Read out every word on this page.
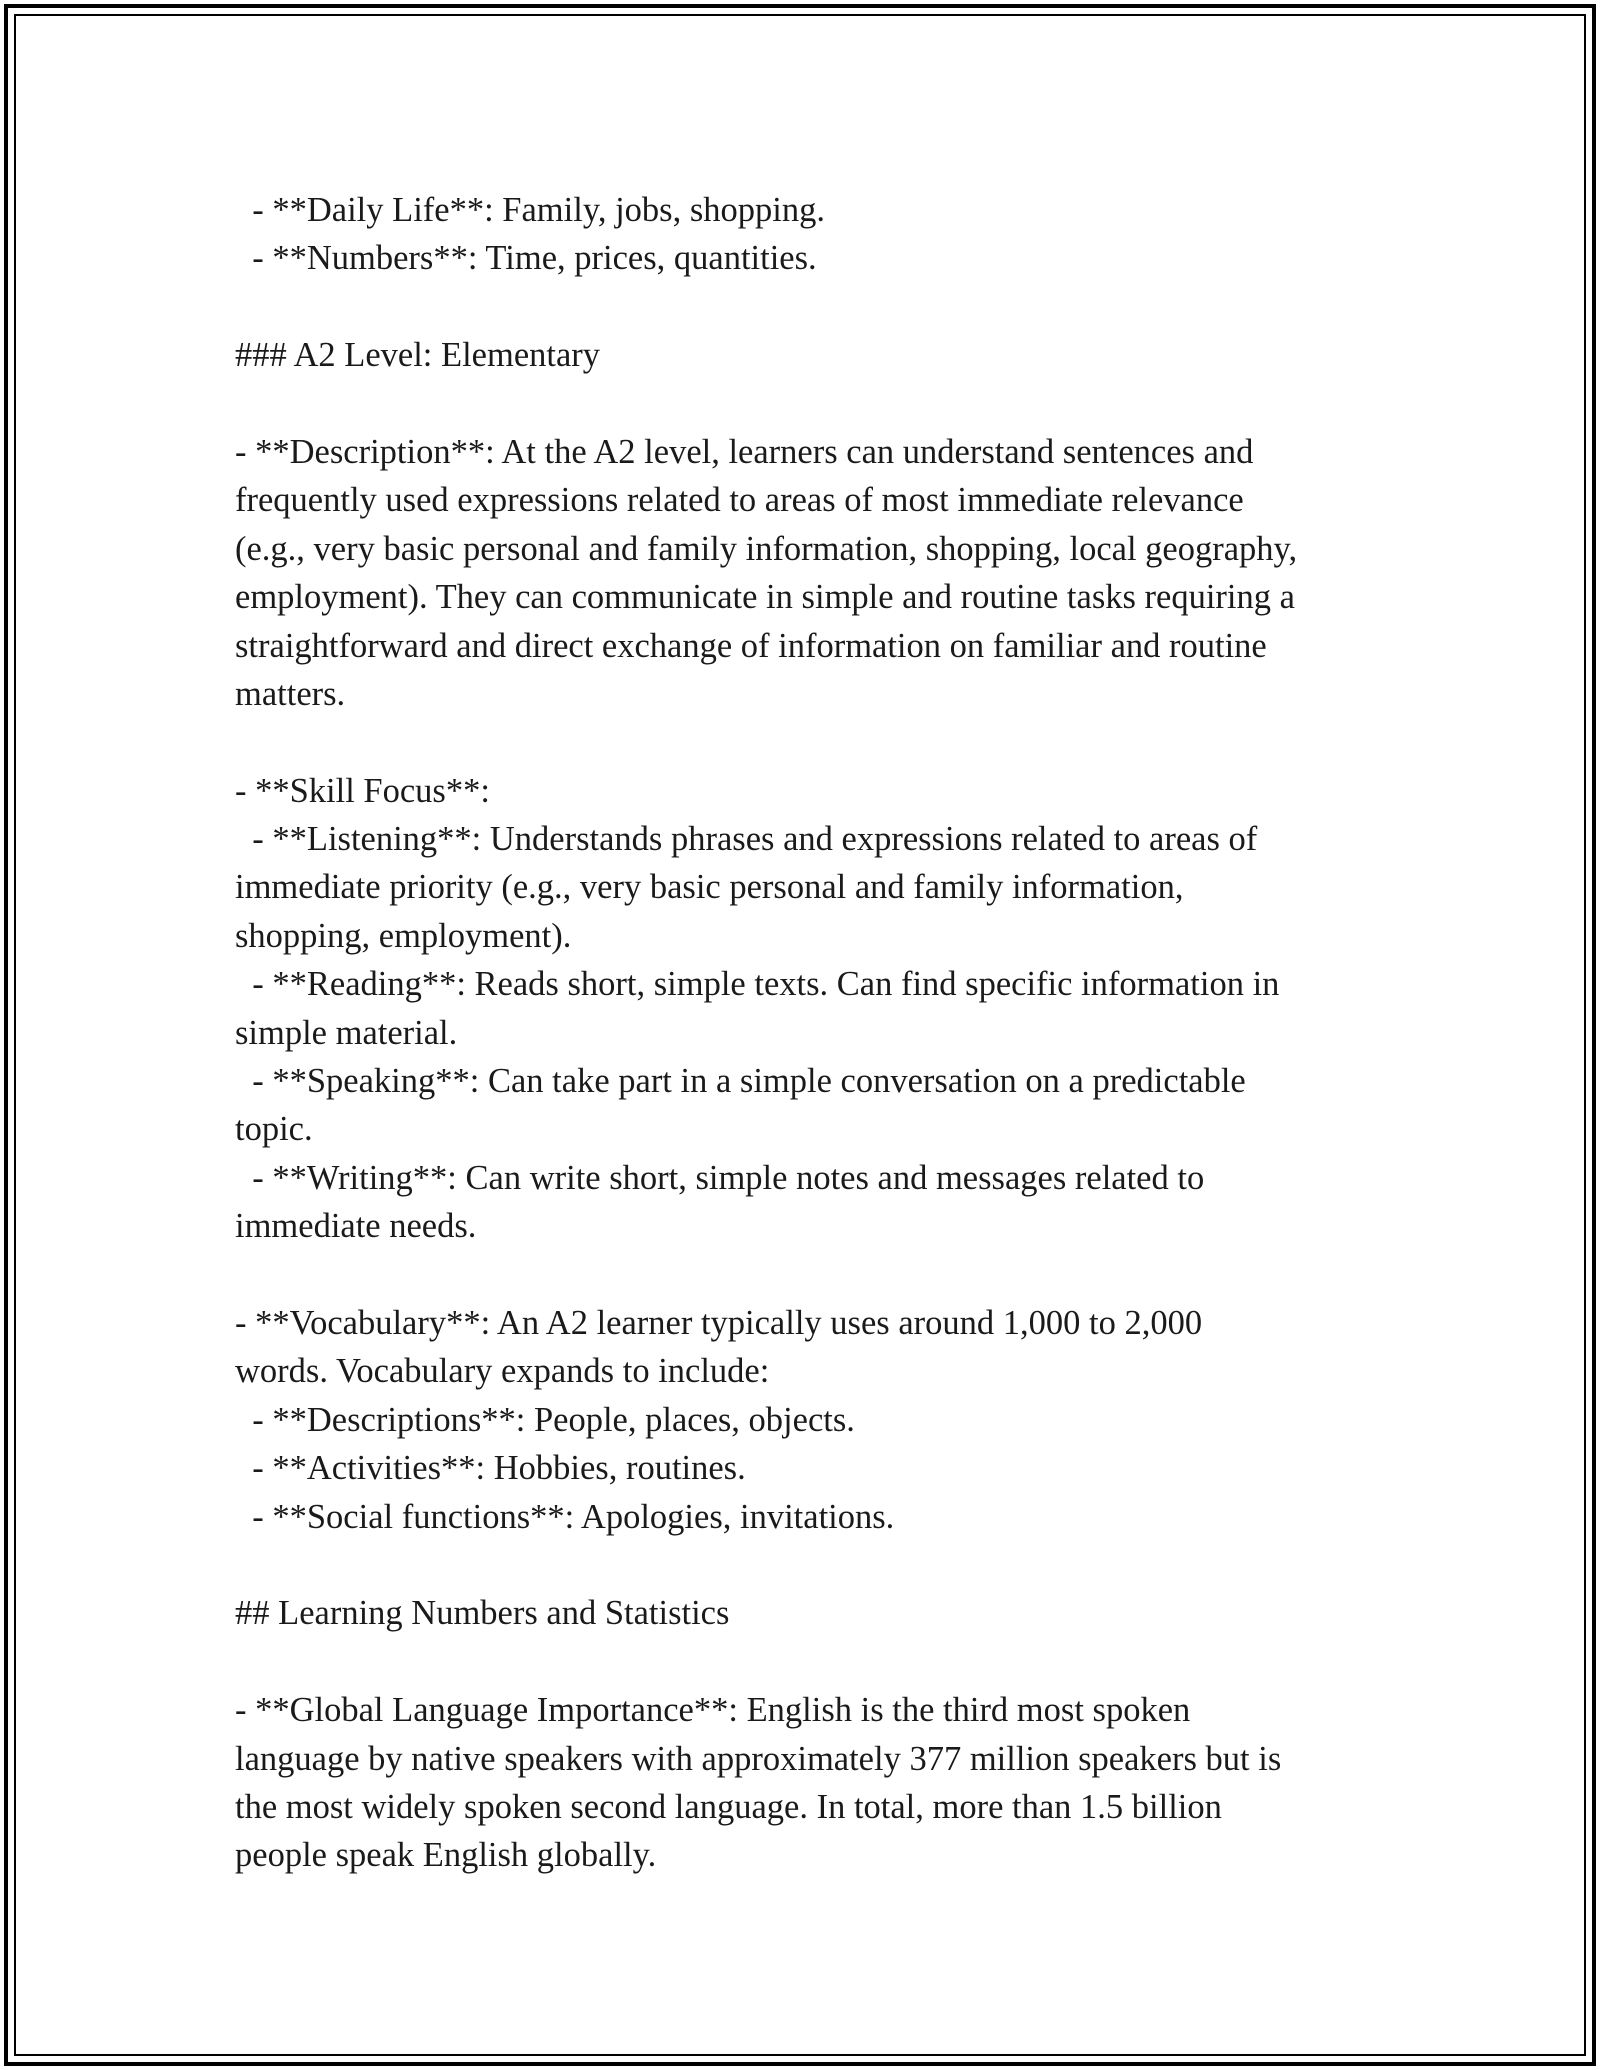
- **Daily Life**: Family, jobs, shopping.
- **Numbers**: Time, prices, quantities.
### A2 Level: Elementary
- **Description**: At the A2 level, learners can understand sentences and
frequently used expressions related to areas of most immediate relevance
(e.g., very basic personal and family information, shopping, local geography,
employment). They can communicate in simple and routine tasks requiring a
straightforward and direct exchange of information on familiar and routine
matters.
- **Skill Focus**:
- **Listening**: Understands phrases and expressions related to areas of
immediate priority (e.g., very basic personal and family information,
shopping, employment).
- **Reading**: Reads short, simple texts. Can find specific information in
simple material.
- **Speaking**: Can take part in a simple conversation on a predictable
topic.
- **Writing**: Can write short, simple notes and messages related to
immediate needs.
- **Vocabulary**: An A2 learner typically uses around 1,000 to 2,000
words. Vocabulary expands to include:
- **Descriptions**: People, places, objects.
- **Activities**: Hobbies, routines.
- **Social functions**: Apologies, invitations.
## Learning Numbers and Statistics
- **Global Language Importance**: English is the third most spoken
language by native speakers with approximately 377 million speakers but is
the most widely spoken second language. In total, more than 1.5 billion
people speak English globally.
